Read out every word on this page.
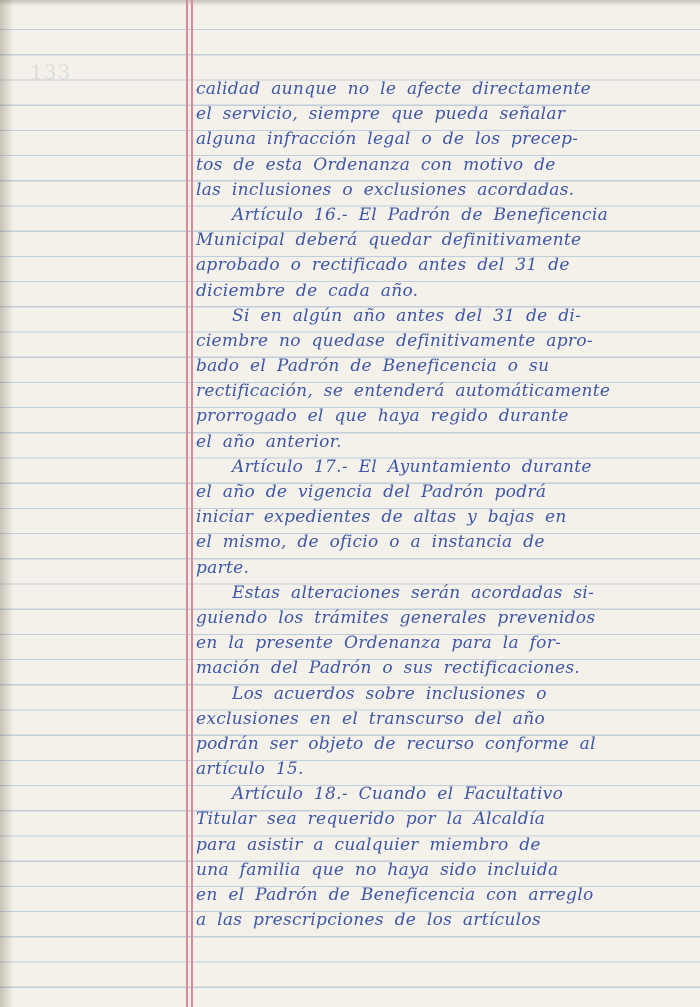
133
calidad aunque no le afecte directamente
el servicio, siempre que pueda señalar
alguna infracción legal o de los precep-
tos de esta Ordenanza con motivo de
las inclusiones o exclusiones acordadas.
Artículo 16.- El Padrón de Beneficencia
Municipal deberá quedar definitivamente
aprobado o rectificado antes del 31 de
diciembre de cada año.
Si en algún año antes del 31 de di-
ciembre no quedase definitivamente apro-
bado el Padrón de Beneficencia o su
rectificación, se entenderá automáticamente
prorrogado el que haya regido durante
el año anterior.
Artículo 17.- El Ayuntamiento durante
el año de vigencia del Padrón podrá
iniciar expedientes de altas y bajas en
el mismo, de oficio o a instancia de
parte.
Estas alteraciones serán acordadas si-
guiendo los trámites generales prevenidos
en la presente Ordenanza para la for-
mación del Padrón o sus rectificaciones.
Los acuerdos sobre inclusiones o
exclusiones en el transcurso del año
podrán ser objeto de recurso conforme al
artículo 15.
Artículo 18.- Cuando el Facultativo
Titular sea requerido por la Alcaldía
para asistir a cualquier miembro de
una familia que no haya sido incluida
en el Padrón de Beneficencia con arreglo
a las prescripciones de los artículos
